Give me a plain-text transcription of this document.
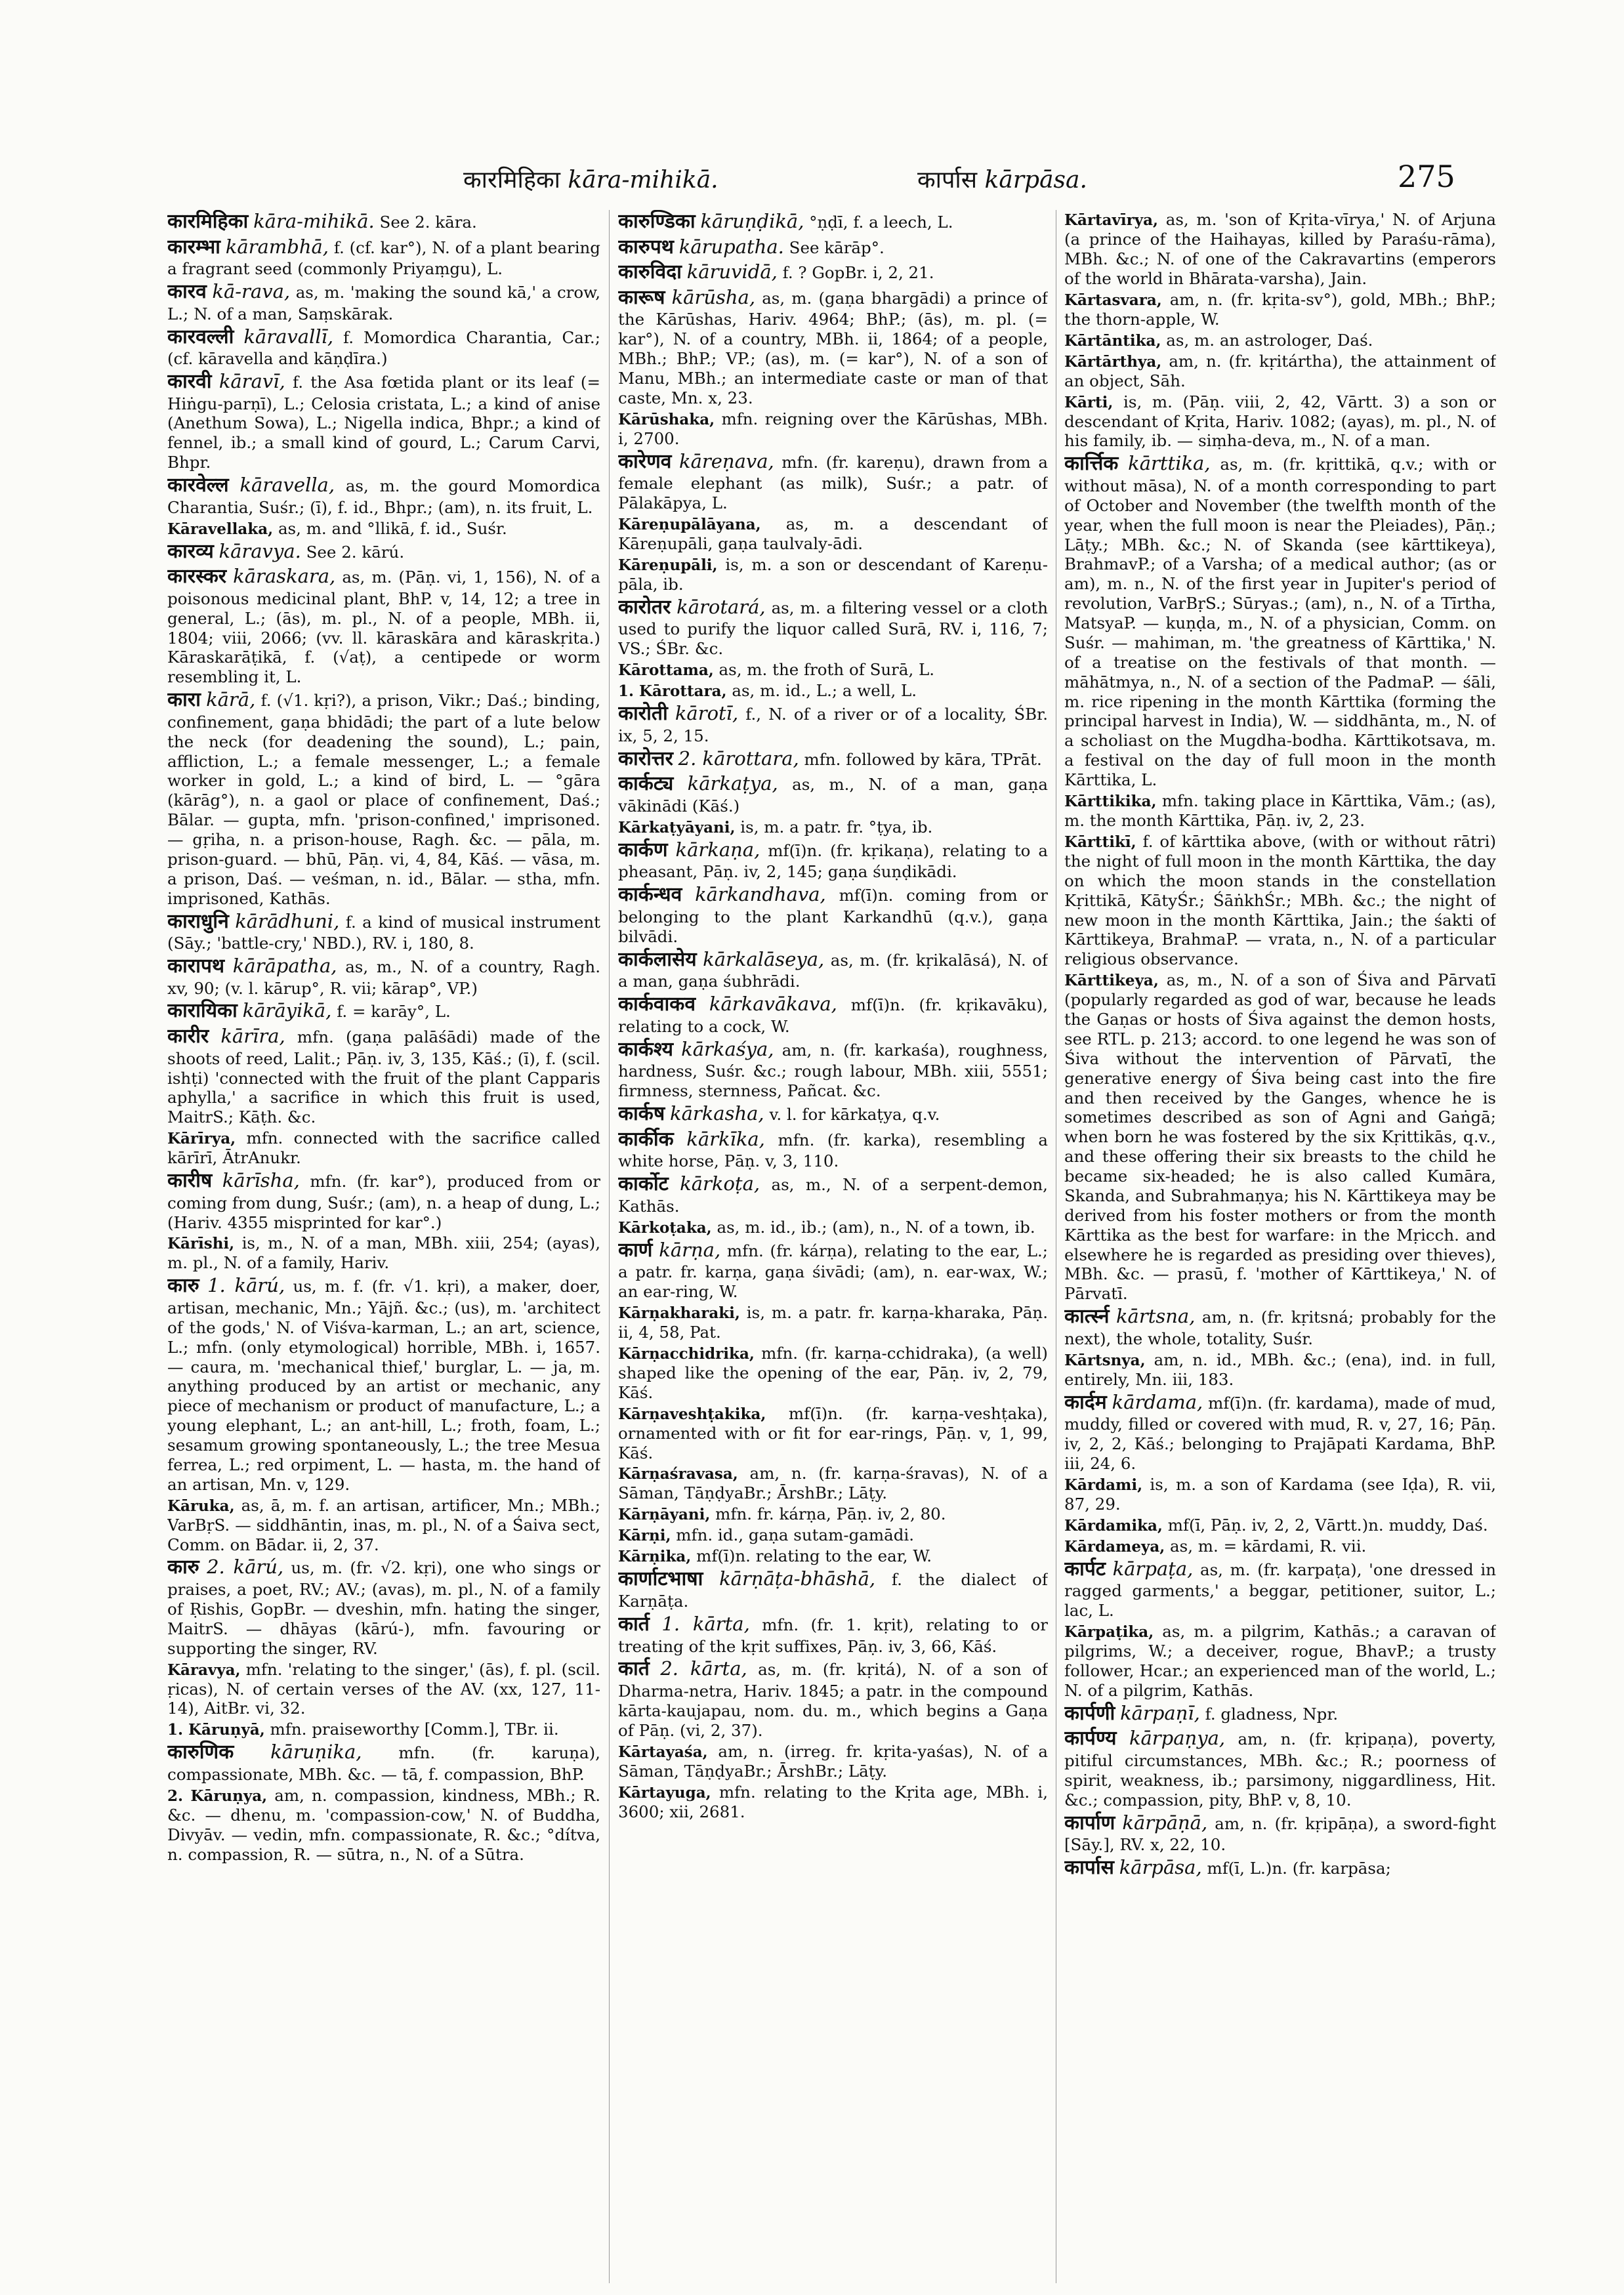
कारमिहिका kāra-mihikā.	कार्पास kārpāsa.	275

कारमिहिका kāra-mihikā. See 2. kāra.

कारम्भा kārambhā, f. (cf. kar°), N. of a plant bearing a fragrant seed (commonly Priyaṃgu), L.

कारव kā-rava, as, m. 'making the sound kā,' a crow, L.; N. of a man, Saṃskārak.

कारवल्ली kāravallī, f. Momordica Charantia, Car.; (cf. kāravella and kāṇḍīra.)

कारवी kāravī, f. the Asa fœtida plant or its leaf (= Hiṅgu-parṇī), L.; Celosia cristata, L.; a kind of anise (Anethum Sowa), L.; Nigella indica, Bhpr.; a kind of fennel, ib.; a small kind of gourd, L.; Carum Carvi, Bhpr.

कारवेल्ल kāravella, as, m. the gourd Momordica Charantia, Suśr.; (ī), f. id., Bhpr.; (am), n. its fruit, L.

Kāravellaka, as, m. and °llikā, f. id., Suśr.

कारव्य kāravya. See 2. kārú.

कारस्कर kāraskara, as, m. (Pāṇ. vi, 1, 156), N. of a poisonous medicinal plant, BhP. v, 14, 12; a tree in general, L.; (ās), m. pl., N. of a people, MBh. ii, 1804; viii, 2066; (vv. ll. kāraskāra and kāraskṛita.) Kāraskarāṭikā, f. (√aṭ), a centipede or worm resembling it, L.

कारा kārā, f. (√1. kṛi?), a prison, Vikr.; Daś.; binding, confinement, gaṇa bhidādi; the part of a lute below the neck (for deadening the sound), L.; pain, affliction, L.; a female messenger, L.; a female worker in gold, L.; a kind of bird, L. — °gāra (kārāg°), n. a gaol or place of confinement, Daś.; Bālar. — gupta, mfn. 'prison-confined,' imprisoned. — gṛiha, n. a prison-house, Ragh. &c. — pāla, m. prison-guard. — bhū, Pāṇ. vi, 4, 84, Kāś. — vāsa, m. a prison, Daś. — veśman, n. id., Bālar. — stha, mfn. imprisoned, Kathās.

काराधुनि kārādhuni, f. a kind of musical instrument (Sāy.; 'battle-cry,' NBD.), RV. i, 180, 8.

कारापथ kārāpatha, as, m., N. of a country, Ragh. xv, 90; (v. l. kārup°, R. vii; kārap°, VP.)

कारायिका kārāyikā, f. = karāy°, L.

कारीर kārīra, mfn. (gaṇa palāśādi) made of the shoots of reed, Lalit.; Pāṇ. iv, 3, 135, Kāś.; (ī), f. (scil. ishṭi) 'connected with the fruit of the plant Capparis aphylla,' a sacrifice in which this fruit is used, MaitrS.; Kāṭh. &c.

Kārīrya, mfn. connected with the sacrifice called kārīrī, ĀtrAnukr.

कारीष kārīsha, mfn. (fr. kar°), produced from or coming from dung, Suśr.; (am), n. a heap of dung, L.; (Hariv. 4355 misprinted for kar°.)

Kārīshi, is, m., N. of a man, MBh. xiii, 254; (ayas), m. pl., N. of a family, Hariv.

कारु 1. kārú, us, m. f. (fr. √1. kṛi), a maker, doer, artisan, mechanic, Mn.; Yājñ. &c.; (us), m. 'architect of the gods,' N. of Viśva-karman, L.; an art, science, L.; mfn. (only etymological) horrible, MBh. i, 1657. — caura, m. 'mechanical thief,' burglar, L. — ja, m. anything produced by an artist or mechanic, any piece of mechanism or product of manufacture, L.; a young elephant, L.; an ant-hill, L.; froth, foam, L.; sesamum growing spontaneously, L.; the tree Mesua ferrea, L.; red orpiment, L. — hasta, m. the hand of an artisan, Mn. v, 129.

Kāruka, as, ā, m. f. an artisan, artificer, Mn.; MBh.; VarBṛS. — siddhāntin, inas, m. pl., N. of a Śaiva sect, Comm. on Bādar. ii, 2, 37.

कारु 2. kārú, us, m. (fr. √2. kṛi), one who sings or praises, a poet, RV.; AV.; (avas), m. pl., N. of a family of Ṛishis, GopBr. — dveshin, mfn. hating the singer, MaitrS. — dhāyas (kārú-), mfn. favouring or supporting the singer, RV.

Kāravya, mfn. 'relating to the singer,' (ās), f. pl. (scil. ṛicas), N. of certain verses of the AV. (xx, 127, 11-14), AitBr. vi, 32.

1. Kāruṇyā, mfn. praiseworthy [Comm.], TBr. ii.

कारुणिक kāruṇika, mfn. (fr. karuṇa), compassionate, MBh. &c. — tā, f. compassion, BhP.

2. Kāruṇya, am, n. compassion, kindness, MBh.; R. &c. — dhenu, m. 'compassion-cow,' N. of Buddha, Divyāv. — vedin, mfn. compassionate, R. &c.; °dítva, n. compassion, R. — sūtra, n., N. of a Sūtra.

कारुण्डिका kāruṇḍikā, °ṇḍī, f. a leech, L.

कारुपथ kārupatha. See kārāp°.

कारुविदा kāruvidā, f. ? GopBr. i, 2, 21.

कारूष kārūsha, as, m. (gaṇa bhargādi) a prince of the Kārūshas, Hariv. 4964; BhP.; (ās), m. pl. (= kar°), N. of a country, MBh. ii, 1864; of a people, MBh.; BhP.; VP.; (as), m. (= kar°), N. of a son of Manu, MBh.; an intermediate caste or man of that caste, Mn. x, 23.

Kārūshaka, mfn. reigning over the Kārūshas, MBh. i, 2700.

कारेणव kāreṇava, mfn. (fr. kareṇu), drawn from a female elephant (as milk), Suśr.; a patr. of Pālakāpya, L.

Kāreṇupālāyana, as, m. a descendant of Kāreṇupāli, gaṇa taulvaly-ādi.

Kāreṇupāli, is, m. a son or descendant of Kareṇu-pāla, ib.

कारोतर kārotará, as, m. a filtering vessel or a cloth used to purify the liquor called Surā, RV. i, 116, 7; VS.; ŚBr. &c.

Kārottama, as, m. the froth of Surā, L.

1. Kārottara, as, m. id., L.; a well, L.

कारोती kārotī, f., N. of a river or of a locality, ŚBr. ix, 5, 2, 15.

कारोत्तर 2. kārottara, mfn. followed by kāra, TPrāt.

कार्कट्य kārkaṭya, as, m., N. of a man, gaṇa vākinādi (Kāś.)

Kārkaṭyāyani, is, m. a patr. fr. °ṭya, ib.

कार्कण kārkaṇa, mf(ī)n. (fr. kṛikaṇa), relating to a pheasant, Pāṇ. iv, 2, 145; gaṇa śuṇḍikādi.

कार्कन्धव kārkandhava, mf(ī)n. coming from or belonging to the plant Karkandhū (q.v.), gaṇa bilvādi.

कार्कलासेय kārkalāseya, as, m. (fr. kṛikalāsá), N. of a man, gaṇa śubhrādi.

कार्कवाकव kārkavākava, mf(ī)n. (fr. kṛikavāku), relating to a cock, W.

कार्कश्य kārkaśya, am, n. (fr. karkaśa), roughness, hardness, Suśr. &c.; rough labour, MBh. xiii, 5551; firmness, sternness, Pañcat. &c.

कार्कष kārkasha, v. l. for kārkaṭya, q.v.

कार्कीक kārkīka, mfn. (fr. karka), resembling a white horse, Pāṇ. v, 3, 110.

कार्कोट kārkoṭa, as, m., N. of a serpent-demon, Kathās.

Kārkoṭaka, as, m. id., ib.; (am), n., N. of a town, ib.

कार्ण kārṇa, mfn. (fr. kárṇa), relating to the ear, L.; a patr. fr. karṇa, gaṇa śivādi; (am), n. ear-wax, W.; an ear-ring, W.

Kārṇakharaki, is, m. a patr. fr. karṇa-kharaka, Pāṇ. ii, 4, 58, Pat.

Kārṇacchidrika, mfn. (fr. karṇa-cchidraka), (a well) shaped like the opening of the ear, Pāṇ. iv, 2, 79, Kāś.

Kārṇaveshṭakika, mf(ī)n. (fr. karṇa-veshṭaka), ornamented with or fit for ear-rings, Pāṇ. v, 1, 99, Kāś.

Kārṇaśravasa, am, n. (fr. karṇa-śravas), N. of a Sāman, TāṇḍyaBr.; ĀrshBr.; Lāṭy.

Kārṇāyani, mfn. fr. kárṇa, Pāṇ. iv, 2, 80.

Kārṇi, mfn. id., gaṇa sutam-gamādi.

Kārṇika, mf(ī)n. relating to the ear, W.

कार्णाटभाषा kārṇāṭa-bhāshā, f. the dialect of Karṇāṭa.

कार्त 1. kārta, mfn. (fr. 1. kṛit), relating to or treating of the kṛit suffixes, Pāṇ. iv, 3, 66, Kāś.

कार्त 2. kārta, as, m. (fr. kṛitá), N. of a son of Dharma-netra, Hariv. 1845; a patr. in the compound kārta-kaujapau, nom. du. m., which begins a Gaṇa of Pāṇ. (vi, 2, 37).

Kārtayaśa, am, n. (irreg. fr. kṛita-yaśas), N. of a Sāman, TāṇḍyaBr.; ĀrshBr.; Lāṭy.

Kārtayuga, mfn. relating to the Kṛita age, MBh. i, 3600; xii, 2681.

Kārtavīrya, as, m. 'son of Kṛita-vīrya,' N. of Arjuna (a prince of the Haihayas, killed by Paraśu-rāma), MBh. &c.; N. of one of the Cakravartins (emperors of the world in Bhārata-varsha), Jain.

Kārtasvara, am, n. (fr. kṛita-sv°), gold, MBh.; BhP.; the thorn-apple, W.

Kārtāntika, as, m. an astrologer, Daś.

Kārtārthya, am, n. (fr. kṛitártha), the attainment of an object, Sāh.

Kārti, is, m. (Pāṇ. viii, 2, 42, Vārtt. 3) a son or descendant of Kṛita, Hariv. 1082; (ayas), m. pl., N. of his family, ib. — siṃha-deva, m., N. of a man.

कार्त्तिक kārttika, as, m. (fr. kṛittikā, q.v.; with or without māsa), N. of a month corresponding to part of October and November (the twelfth month of the year, when the full moon is near the Pleiades), Pāṇ.; Lāṭy.; MBh. &c.; N. of Skanda (see kārttikeya), BrahmavP.; of a Varsha; of a medical author; (as or am), m. n., N. of the first year in Jupiter's period of revolution, VarBṛS.; Sūryas.; (am), n., N. of a Tīrtha, MatsyaP. — kuṇḍa, m., N. of a physician, Comm. on Suśr. — mahiman, m. 'the greatness of Kārttika,' N. of a treatise on the festivals of that month. — māhātmya, n., N. of a section of the PadmaP. — śāli, m. rice ripening in the month Kārttika (forming the principal harvest in India), W. — siddhānta, m., N. of a scholiast on the Mugdha-bodha. Kārttikotsava, m. a festival on the day of full moon in the month Kārttika, L.

Kārttikika, mfn. taking place in Kārttika, Vām.; (as), m. the month Kārttika, Pāṇ. iv, 2, 23.

Kārttikī, f. of kārttika above, (with or without rātri) the night of full moon in the month Kārttika, the day on which the moon stands in the constellation Kṛittikā, KātyŚr.; ŚāṅkhŚr.; MBh. &c.; the night of new moon in the month Kārttika, Jain.; the śakti of Kārttikeya, BrahmaP. — vrata, n., N. of a particular religious observance.

Kārttikeya, as, m., N. of a son of Śiva and Pārvatī (popularly regarded as god of war, because he leads the Gaṇas or hosts of Śiva against the demon hosts, see RTL. p. 213; accord. to one legend he was son of Śiva without the intervention of Pārvatī, the generative energy of Śiva being cast into the fire and then received by the Ganges, whence he is sometimes described as son of Agni and Gaṅgā; when born he was fostered by the six Kṛittikās, q.v., and these offering their six breasts to the child he became six-headed; he is also called Kumāra, Skanda, and Subrahmaṇya; his N. Kārttikeya may be derived from his foster mothers or from the month Kārttika as the best for warfare: in the Mṛicch. and elsewhere he is regarded as presiding over thieves), MBh. &c. — prasū, f. 'mother of Kārttikeya,' N. of Pārvatī.

कार्त्स्न kārtsna, am, n. (fr. kṛitsná; probably for the next), the whole, totality, Suśr.

Kārtsnya, am, n. id., MBh. &c.; (ena), ind. in full, entirely, Mn. iii, 183.

कार्दम kārdama, mf(ī)n. (fr. kardama), made of mud, muddy, filled or covered with mud, R. v, 27, 16; Pāṇ. iv, 2, 2, Kāś.; belonging to Prajāpati Kardama, BhP. iii, 24, 6.

Kārdami, is, m. a son of Kardama (see Iḍa), R. vii, 87, 29.

Kārdamika, mf(ī, Pāṇ. iv, 2, 2, Vārtt.)n. muddy, Daś.

Kārdameya, as, m. = kārdami, R. vii.

कार्पट kārpaṭa, as, m. (fr. karpaṭa), 'one dressed in ragged garments,' a beggar, petitioner, suitor, L.; lac, L.

Kārpaṭika, as, m. a pilgrim, Kathās.; a caravan of pilgrims, W.; a deceiver, rogue, BhavP.; a trusty follower, Hcar.; an experienced man of the world, L.; N. of a pilgrim, Kathās.

कार्पणी kārpaṇī, f. gladness, Npr.

कार्पण्य kārpaṇya, am, n. (fr. kṛipaṇa), poverty, pitiful circumstances, MBh. &c.; R.; poorness of spirit, weakness, ib.; parsimony, niggardliness, Hit. &c.; compassion, pity, BhP. v, 8, 10.

कार्पाण kārpāṇā, am, n. (fr. kṛipāṇa), a sword-fight [Sāy.], RV. x, 22, 10.

कार्पास kārpāsa, mf(ī, L.)n. (fr. karpāsa;
